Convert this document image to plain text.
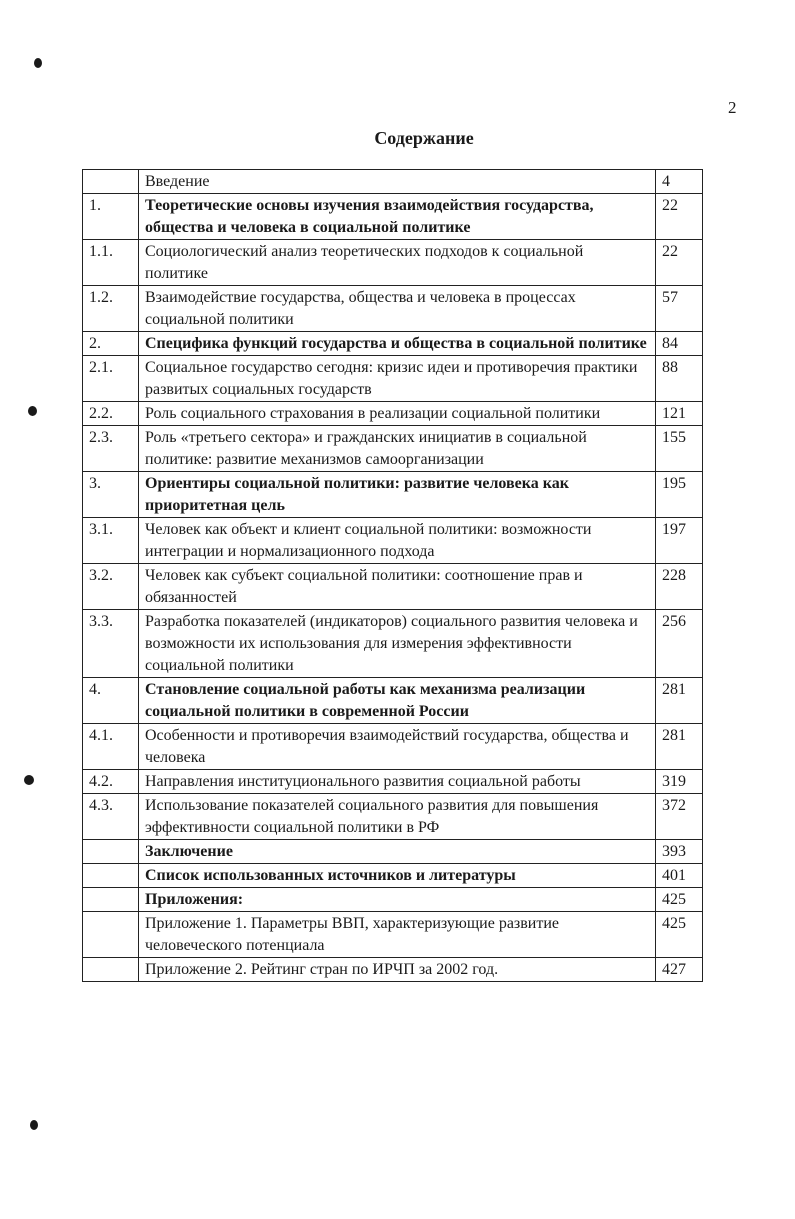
2
Содержание
	Введение	4
1.	Теоретические основы изучения взаимодействия государства, общества и человека в социальной политике	22
1.1.	Социологический анализ теоретических подходов к социальной политике	22
1.2.	Взаимодействие государства, общества и человека в процессах социальной политики	57
2.	Специфика функций государства и общества в социальной политике	84
2.1.	Социальное государство сегодня: кризис идеи и противоречия практики развитых социальных государств	88
2.2.	Роль социального страхования в реализации социальной политики	121
2.3.	Роль «третьего сектора» и гражданских инициатив в социальной политике: развитие механизмов самоорганизации	155
3.	Ориентиры социальной политики: развитие человека как приоритетная цель	195
3.1.	Человек как объект и клиент социальной политики: возможности интеграции и нормализационного подхода	197
3.2.	Человек как субъект социальной политики: соотношение прав и обязанностей	228
3.3.	Разработка показателей (индикаторов) социального развития человека и возможности их использования для измерения эффективности социальной политики	256
4.	Становление социальной работы как механизма реализации социальной политики в современной России	281
4.1.	Особенности и противоречия взаимодействий государства, общества и человека	281
4.2.	Направления институционального развития социальной работы	319
4.3.	Использование показателей социального развития для повышения эффективности социальной политики в РФ	372
	Заключение	393
	Список использованных источников и литературы	401
	Приложения:	425
	Приложение 1. Параметры ВВП, характеризующие развитие человеческого потенциала	425
	Приложение 2. Рейтинг стран по ИРЧП за 2002 год.	427
